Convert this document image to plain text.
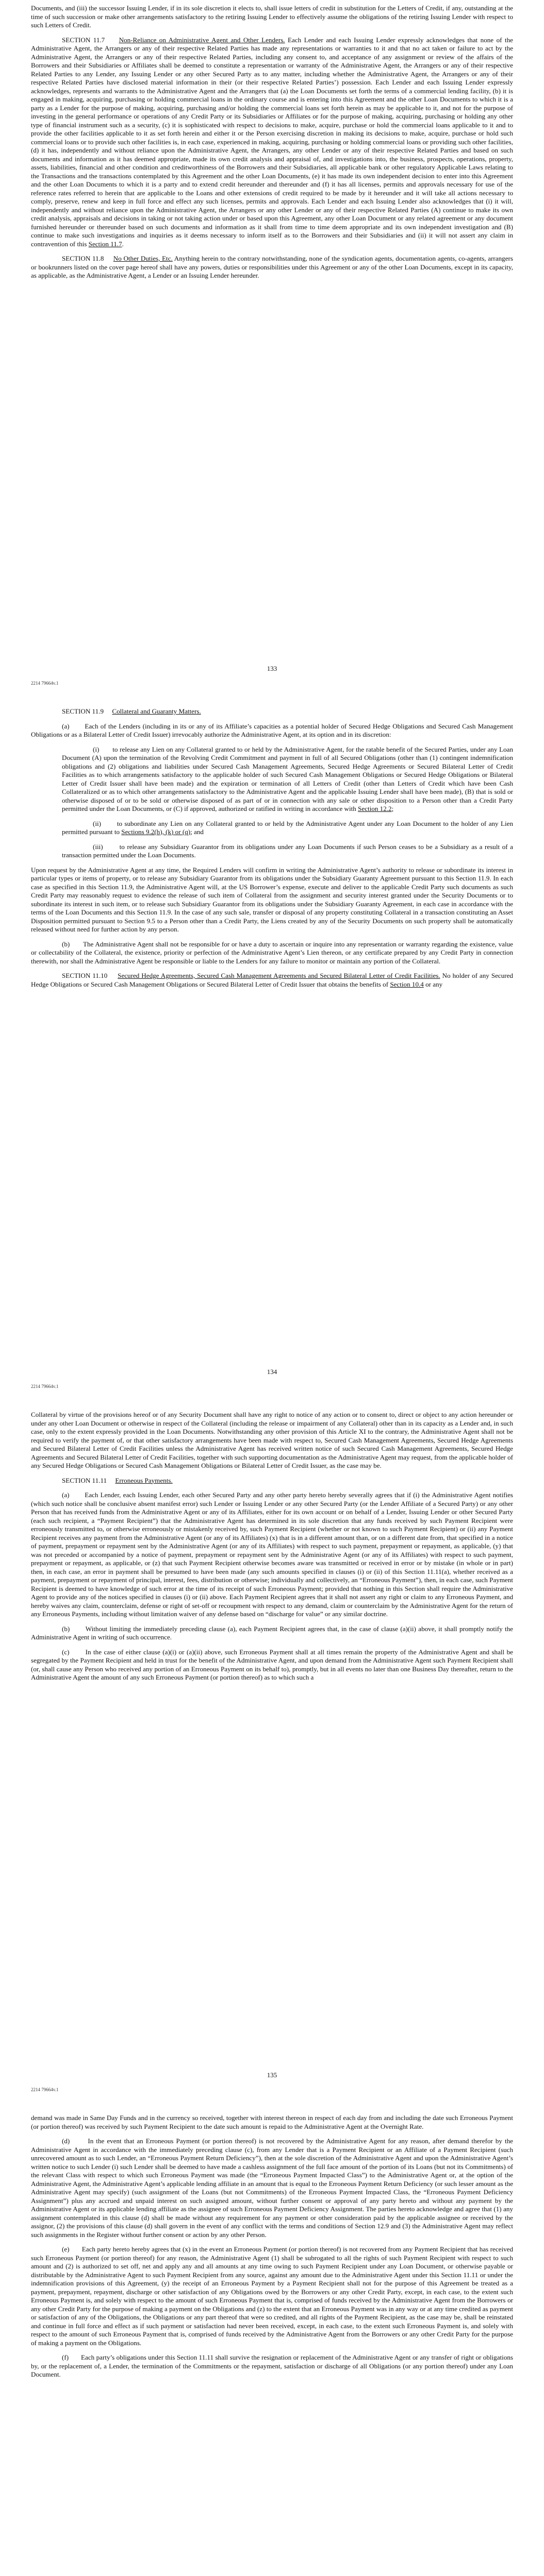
Documents, and (iii) the successor Issuing Lender, if in its sole discretion it elects to, shall issue letters of credit in substitution for the Letters of Credit, if any, outstanding at the time of such succession or make other arrangements satisfactory to the retiring Issuing Lender to effectively assume the obligations of the retiring Issuing Lender with respect to such Letters of Credit.

SECTION 11.7 Non-Reliance on Administrative Agent and Other Lenders. Each Lender and each Issuing Lender expressly acknowledges that none of the Administrative Agent, the Arrangers or any of their respective Related Parties has made any representations or warranties to it and that no act taken or failure to act by the Administrative Agent, the Arrangers or any of their respective Related Parties, including any consent to, and acceptance of any assignment or review of the affairs of the Borrowers and their Subsidiaries or Affiliates shall be deemed to constitute a representation or warranty of the Administrative Agent, the Arrangers or any of their respective Related Parties to any Lender, any Issuing Lender or any other Secured Party as to any matter, including whether the Administrative Agent, the Arrangers or any of their respective Related Parties have disclosed material information in their (or their respective Related Parties’) possession. Each Lender and each Issuing Lender expressly acknowledges, represents and warrants to the Administrative Agent and the Arrangers that (a) the Loan Documents set forth the terms of a commercial lending facility, (b) it is engaged in making, acquiring, purchasing or holding commercial loans in the ordinary course and is entering into this Agreement and the other Loan Documents to which it is a party as a Lender for the purpose of making, acquiring, purchasing and/or holding the commercial loans set forth herein as may be applicable to it, and not for the purpose of investing in the general performance or operations of any Credit Party or its Subsidiaries or Affiliates or for the purpose of making, acquiring, purchasing or holding any other type of financial instrument such as a security, (c) it is sophisticated with respect to decisions to make, acquire, purchase or hold the commercial loans applicable to it and to provide the other facilities applicable to it as set forth herein and either it or the Person exercising discretion in making its decisions to make, acquire, purchase or hold such commercial loans or to provide such other facilities is, in each case, experienced in making, acquiring, purchasing or holding commercial loans or providing such other facilities, (d) it has, independently and without reliance upon the Administrative Agent, the Arrangers, any other Lender or any of their respective Related Parties and based on such documents and information as it has deemed appropriate, made its own credit analysis and appraisal of, and investigations into, the business, prospects, operations, property, assets, liabilities, financial and other condition and creditworthiness of the Borrowers and their Subsidiaries, all applicable bank or other regulatory Applicable Laws relating to the Transactions and the transactions contemplated by this Agreement and the other Loan Documents, (e) it has made its own independent decision to enter into this Agreement and the other Loan Documents to which it is a party and to extend credit hereunder and thereunder and (f) it has all licenses, permits and approvals necessary for use of the reference rates referred to herein that are applicable to the Loans and other extensions of credit required to be made by it hereunder and it will take all actions necessary to comply, preserve, renew and keep in full force and effect any such licenses, permits and approvals. Each Lender and each Issuing Lender also acknowledges that (i) it will, independently and without reliance upon the Administrative Agent, the Arrangers or any other Lender or any of their respective Related Parties (A) continue to make its own credit analysis, appraisals and decisions in taking or not taking action under or based upon this Agreement, any other Loan Document or any related agreement or any document furnished hereunder or thereunder based on such documents and information as it shall from time to time deem appropriate and its own independent investigation and (B) continue to make such investigations and inquiries as it deems necessary to inform itself as to the Borrowers and their Subsidiaries and (ii) it will not assert any claim in contravention of this Section 11.7.

SECTION 11.8 No Other Duties, Etc. Anything herein to the contrary notwithstanding, none of the syndication agents, documentation agents, co-agents, arrangers or bookrunners listed on the cover page hereof shall have any powers, duties or responsibilities under this Agreement or any of the other Loan Documents, except in its capacity, as applicable, as the Administrative Agent, a Lender or an Issuing Lender hereunder.

133
2214 79664v.1

SECTION 11.9 Collateral and Guaranty Matters.

(a) Each of the Lenders (including in its or any of its Affiliate’s capacities as a potential holder of Secured Hedge Obligations and Secured Cash Management Obligations or as a Bilateral Letter of Credit Issuer) irrevocably authorize the Administrative Agent, at its option and in its discretion:

(i) to release any Lien on any Collateral granted to or held by the Administrative Agent, for the ratable benefit of the Secured Parties, under any Loan Document (A) upon the termination of the Revolving Credit Commitment and payment in full of all Secured Obligations (other than (1) contingent indemnification obligations and (2) obligations and liabilities under Secured Cash Management Agreements, Secured Hedge Agreements or Secured Bilateral Letter of Credit Facilities as to which arrangements satisfactory to the applicable holder of such Secured Cash Management Obligations or Secured Hedge Obligations or Bilateral Letter of Credit Issuer shall have been made) and the expiration or termination of all Letters of Credit (other than Letters of Credit which have been Cash Collateralized or as to which other arrangements satisfactory to the Administrative Agent and the applicable Issuing Lender shall have been made), (B) that is sold or otherwise disposed of or to be sold or otherwise disposed of as part of or in connection with any sale or other disposition to a Person other than a Credit Party permitted under the Loan Documents, or (C) if approved, authorized or ratified in writing in accordance with Section 12.2;

(ii) to subordinate any Lien on any Collateral granted to or held by the Administrative Agent under any Loan Document to the holder of any Lien permitted pursuant to Sections 9.2(h), (k) or (q); and

(iii) to release any Subsidiary Guarantor from its obligations under any Loan Documents if such Person ceases to be a Subsidiary as a result of a transaction permitted under the Loan Documents.

Upon request by the Administrative Agent at any time, the Required Lenders will confirm in writing the Administrative Agent’s authority to release or subordinate its interest in particular types or items of property, or to release any Subsidiary Guarantor from its obligations under the Subsidiary Guaranty Agreement pursuant to this Section 11.9. In each case as specified in this Section 11.9, the Administrative Agent will, at the US Borrower’s expense, execute and deliver to the applicable Credit Party such documents as such Credit Party may reasonably request to evidence the release of such item of Collateral from the assignment and security interest granted under the Security Documents or to subordinate its interest in such item, or to release such Subsidiary Guarantor from its obligations under the Subsidiary Guaranty Agreement, in each case in accordance with the terms of the Loan Documents and this Section 11.9. In the case of any such sale, transfer or disposal of any property constituting Collateral in a transaction constituting an Asset Disposition permitted pursuant to Section 9.5 to a Person other than a Credit Party, the Liens created by any of the Security Documents on such property shall be automatically released without need for further action by any person.

(b) The Administrative Agent shall not be responsible for or have a duty to ascertain or inquire into any representation or warranty regarding the existence, value or collectability of the Collateral, the existence, priority or perfection of the Administrative Agent’s Lien thereon, or any certificate prepared by any Credit Party in connection therewith, nor shall the Administrative Agent be responsible or liable to the Lenders for any failure to monitor or maintain any portion of the Collateral.

SECTION 11.10 Secured Hedge Agreements, Secured Cash Management Agreements and Secured Bilateral Letter of Credit Facilities. No holder of any Secured Hedge Obligations or Secured Cash Management Obligations or Secured Bilateral Letter of Credit Issuer that obtains the benefits of Section 10.4 or any

134
2214 79664v.1

Collateral by virtue of the provisions hereof or of any Security Document shall have any right to notice of any action or to consent to, direct or object to any action hereunder or under any other Loan Document or otherwise in respect of the Collateral (including the release or impairment of any Collateral) other than in its capacity as a Lender and, in such case, only to the extent expressly provided in the Loan Documents. Notwithstanding any other provision of this Article XI to the contrary, the Administrative Agent shall not be required to verify the payment of, or that other satisfactory arrangements have been made with respect to, Secured Cash Management Agreements, Secured Hedge Agreements and Secured Bilateral Letter of Credit Facilities unless the Administrative Agent has received written notice of such Secured Cash Management Agreements, Secured Hedge Agreements and Secured Bilateral Letter of Credit Facilities, together with such supporting documentation as the Administrative Agent may request, from the applicable holder of any Secured Hedge Obligations or Secured Cash Management Obligations or Bilateral Letter of Credit Issuer, as the case may be.

SECTION 11.11 Erroneous Payments.

(a) Each Lender, each Issuing Lender, each other Secured Party and any other party hereto hereby severally agrees that if (i) the Administrative Agent notifies (which such notice shall be conclusive absent manifest error) such Lender or Issuing Lender or any other Secured Party (or the Lender Affiliate of a Secured Party) or any other Person that has received funds from the Administrative Agent or any of its Affiliates, either for its own account or on behalf of a Lender, Issuing Lender or other Secured Party (each such recipient, a “Payment Recipient”) that the Administrative Agent has determined in its sole discretion that any funds received by such Payment Recipient were erroneously transmitted to, or otherwise erroneously or mistakenly received by, such Payment Recipient (whether or not known to such Payment Recipient) or (ii) any Payment Recipient receives any payment from the Administrative Agent (or any of its Affiliates) (x) that is in a different amount than, or on a different date from, that specified in a notice of payment, prepayment or repayment sent by the Administrative Agent (or any of its Affiliates) with respect to such payment, prepayment or repayment, as applicable, (y) that was not preceded or accompanied by a notice of payment, prepayment or repayment sent by the Administrative Agent (or any of its Affiliates) with respect to such payment, prepayment or repayment, as applicable, or (z) that such Payment Recipient otherwise becomes aware was transmitted or received in error or by mistake (in whole or in part) then, in each case, an error in payment shall be presumed to have been made (any such amounts specified in clauses (i) or (ii) of this Section 11.11(a), whether received as a payment, prepayment or repayment of principal, interest, fees, distribution or otherwise; individually and collectively, an “Erroneous Payment”), then, in each case, such Payment Recipient is deemed to have knowledge of such error at the time of its receipt of such Erroneous Payment; provided that nothing in this Section shall require the Administrative Agent to provide any of the notices specified in clauses (i) or (ii) above. Each Payment Recipient agrees that it shall not assert any right or claim to any Erroneous Payment, and hereby waives any claim, counterclaim, defense or right of set-off or recoupment with respect to any demand, claim or counterclaim by the Administrative Agent for the return of any Erroneous Payments, including without limitation waiver of any defense based on “discharge for value” or any similar doctrine.

(b) Without limiting the immediately preceding clause (a), each Payment Recipient agrees that, in the case of clause (a)(ii) above, it shall promptly notify the Administrative Agent in writing of such occurrence.

(c) In the case of either clause (a)(i) or (a)(ii) above, such Erroneous Payment shall at all times remain the property of the Administrative Agent and shall be segregated by the Payment Recipient and held in trust for the benefit of the Administrative Agent, and upon demand from the Administrative Agent such Payment Recipient shall (or, shall cause any Person who received any portion of an Erroneous Payment on its behalf to), promptly, but in all events no later than one Business Day thereafter, return to the Administrative Agent the amount of any such Erroneous Payment (or portion thereof) as to which such a

135
2214 79664v.1

demand was made in Same Day Funds and in the currency so received, together with interest thereon in respect of each day from and including the date such Erroneous Payment (or portion thereof) was received by such Payment Recipient to the date such amount is repaid to the Administrative Agent at the Overnight Rate.

(d)	In the event that an Erroneous Payment (or portion thereof) is not recovered by the Administrative Agent for any reason, after demand therefor by the Administrative Agent in accordance with the immediately preceding clause (c), from any Lender that is a Payment Recipient or an Affiliate of a Payment Recipient (such unrecovered amount as to such Lender, an “Erroneous Payment Return Deficiency”), then at the sole discretion of the Administrative Agent and upon the Administrative Agent’s written notice to such Lender (i) such Lender shall be deemed to have made a cashless assignment of the full face amount of the portion of its Loans (but not its Commitments) of the relevant Class with respect to which such Erroneous Payment was made (the “Erroneous Payment Impacted Class”) to the Administrative Agent or, at the option of the Administrative Agent, the Administrative Agent’s applicable lending affiliate in an amount that is equal to the Erroneous Payment Return Deficiency (or such lesser amount as the Administrative Agent may specify) (such assignment of the Loans (but not Commitments) of the Erroneous Payment Impacted Class, the “Erroneous Payment Deficiency Assignment”) plus any accrued and unpaid interest on such assigned amount, without further consent or approval of any party hereto and without any payment by the Administrative Agent or its applicable lending affiliate as the assignee of such Erroneous Payment Deficiency Assignment. The parties hereto acknowledge and agree that (1) any assignment contemplated in this clause (d) shall be made without any requirement for any payment or other consideration paid by the applicable assignee or received by the assignor, (2) the provisions of this clause (d) shall govern in the event of any conflict with the terms and conditions of Section 12.9 and (3) the Administrative Agent may reflect such assignments in the Register without further consent or action by any other Person.

(e) Each party hereto hereby agrees that (x) in the event an Erroneous Payment (or portion thereof) is not recovered from any Payment Recipient that has received such Erroneous Payment (or portion thereof) for any reason, the Administrative Agent (1) shall be subrogated to all the rights of such Payment Recipient with respect to such amount and (2) is authorized to set off, net and apply any and all amounts at any time owing to such Payment Recipient under any Loan Document, or otherwise payable or distributable by the Administrative Agent to such Payment Recipient from any source, against any amount due to the Administrative Agent under this Section 11.11 or under the indemnification provisions of this Agreement, (y) the receipt of an Erroneous Payment by a Payment Recipient shall not for the purpose of this Agreement be treated as a payment, prepayment, repayment, discharge or other satisfaction of any Obligations owed by the Borrowers or any other Credit Party, except, in each case, to the extent such Erroneous Payment is, and solely with respect to the amount of such Erroneous Payment that is, comprised of funds received by the Administrative Agent from the Borrowers or any other Credit Party for the purpose of making a payment on the Obligations and (z) to the extent that an Erroneous Payment was in any way or at any time credited as payment or satisfaction of any of the Obligations, the Obligations or any part thereof that were so credited, and all rights of the Payment Recipient, as the case may be, shall be reinstated and continue in full force and effect as if such payment or satisfaction had never been received, except, in each case, to the extent such Erroneous Payment is, and solely with respect to the amount of such Erroneous Payment that is, comprised of funds received by the Administrative Agent from the Borrowers or any other Credit Party for the purpose of making a payment on the Obligations.

(f) Each party’s obligations under this Section 11.11 shall survive the resignation or replacement of the Administrative Agent or any transfer of right or obligations by, or the replacement of, a Lender, the termination of the Commitments or the repayment, satisfaction or discharge of all Obligations (or any portion thereof) under any Loan Document.
